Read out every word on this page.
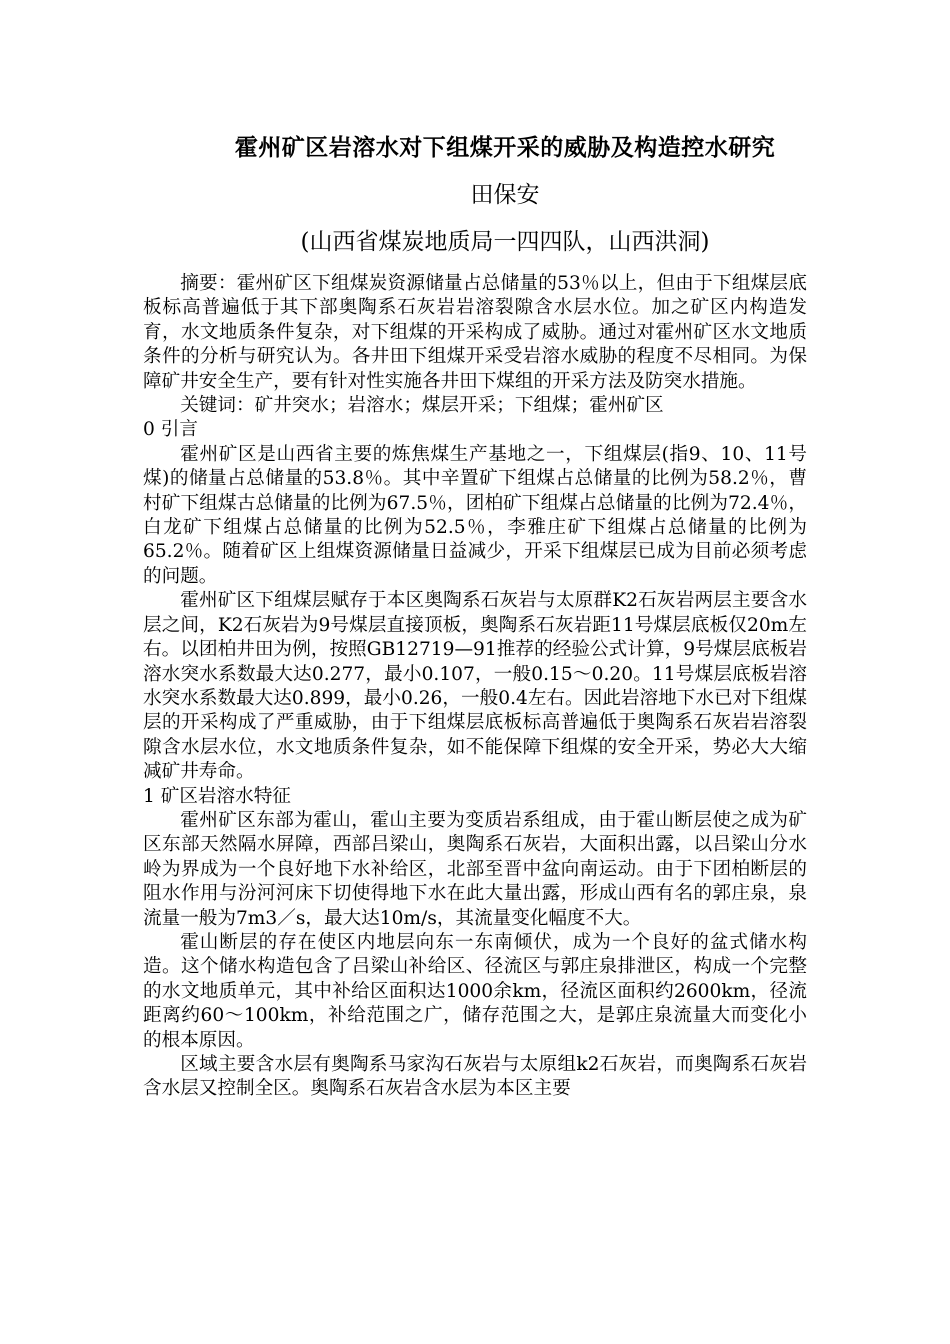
霍州矿区岩溶水对下组煤开采的威胁及构造控水研究
田保安
(山西省煤炭地质局一四四队，山西洪洞)

摘要：霍州矿区下组煤炭资源储量占总储量的53％以上，但由于下组煤层底板标高普遍低于其下部奥陶系石灰岩岩溶裂隙含水层水位。加之矿区内构造发育，水文地质条件复杂，对下组煤的开采构成了威胁。通过对霍州矿区水文地质条件的分析与研究认为。各井田下组煤开采受岩溶水威胁的程度不尽相同。为保障矿井安全生产，要有针对性实施各井田下煤组的开采方法及防突水措施。

关键词：矿井突水；岩溶水；煤层开采；下组煤；霍州矿区

0 引言

霍州矿区是山西省主要的炼焦煤生产基地之一，下组煤层(指9、10、11号煤)的储量占总储量的53.8％。其中辛置矿下组煤占总储量的比例为58.2％，曹村矿下组煤古总储量的比例为67.5％，团柏矿下组煤占总储量的比例为72.4％，白龙矿下组煤占总储量的比例为52.5％，李雅庄矿下组煤占总储量的比例为65.2％。随着矿区上组煤资源储量日益减少，开采下组煤层已成为目前必须考虑的问题。

霍州矿区下组煤层赋存于本区奥陶系石灰岩与太原群K2石灰岩两层主要含水层之间，K2石灰岩为9号煤层直接顶板，奥陶系石灰岩距11号煤层底板仅20m左右。以团柏井田为例，按照GB12719—91推荐的经验公式计算，9号煤层底板岩溶水突水系数最大达0.277，最小0.107，一般0.15～0.20。11号煤层底板岩溶水突水系数最大达0.899，最小0.26，一般0.4左右。因此岩溶地下水已对下组煤层的开采构成了严重威胁，由于下组煤层底板标高普遍低于奥陶系石灰岩岩溶裂隙含水层水位，水文地质条件复杂，如不能保障下组煤的安全开采，势必大大缩减矿井寿命。

1 矿区岩溶水特征

霍州矿区东部为霍山，霍山主要为变质岩系组成，由于霍山断层使之成为矿区东部天然隔水屏障，西部吕梁山，奥陶系石灰岩，大面积出露，以吕梁山分水岭为界成为一个良好地下水补给区，北部至晋中盆向南运动。由于下团柏断层的阻水作用与汾河河床下切使得地下水在此大量出露，形成山西有名的郭庄泉，泉流量一般为7m3／s，最大达10m/s，其流量变化幅度不大。

霍山断层的存在使区内地层向东一东南倾伏，成为一个良好的盆式储水构造。这个储水构造包含了吕梁山补给区、径流区与郭庄泉排泄区，构成一个完整的水文地质单元，其中补给区面积达1000余km，径流区面积约2600km，径流距离约60～100km，补给范围之广，储存范围之大，是郭庄泉流量大而变化小的根本原因。

区域主要含水层有奥陶系马家沟石灰岩与太原组k2石灰岩，而奥陶系石灰岩含水层又控制全区。奥陶系石灰岩含水层为本区主要
